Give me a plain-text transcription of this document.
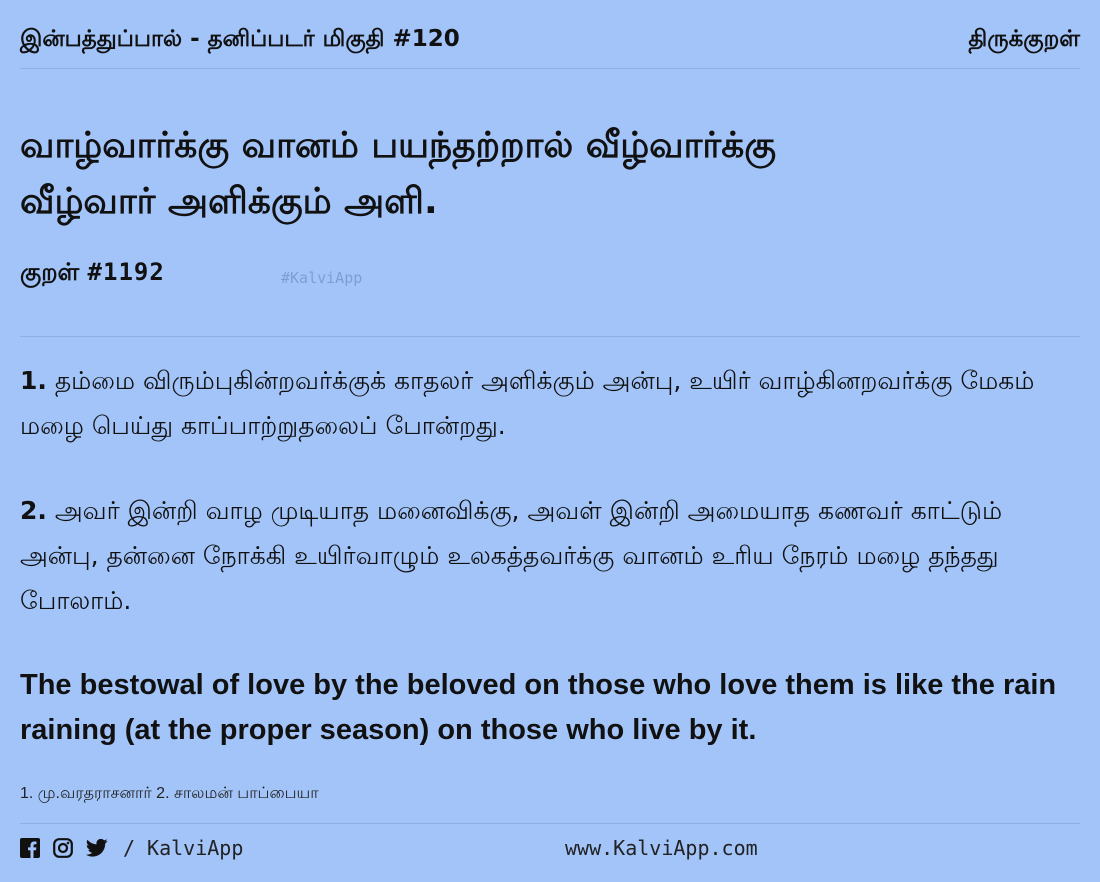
இன்பத்துப்பால் - தனிப்படர் மிகுதி #120	திருக்குறள்
வாழ்வார்க்கு வானம் பயந்தற்றால் வீழ்வார்க்கு
வீழ்வார் அளிக்கும் அளி.
குறள் #1192	#KalviApp
1. தம்மை விரும்புகின்றவர்க்குக் காதலர் அளிக்கும் அன்பு, உயிர் வாழ்கினறவர்க்கு மேகம் மழை பெய்து காப்பாற்றுதலைப் போன்றது.
2. அவர் இன்றி வாழ முடியாத மனைவிக்கு, அவள் இன்றி அமையாத கணவர் காட்டும் அன்பு, தன்னை நோக்கி உயிர்வாழும் உலகத்தவர்க்கு வானம் உரிய நேரம் மழை தந்தது போலாம்.
The bestowal of love by the beloved on those who love them is like the rain raining (at the proper season) on those who live by it.
1. மு.வரதராசனார் 2. சாலமன் பாப்பையா
/ KalviApp	www.KalviApp.com
